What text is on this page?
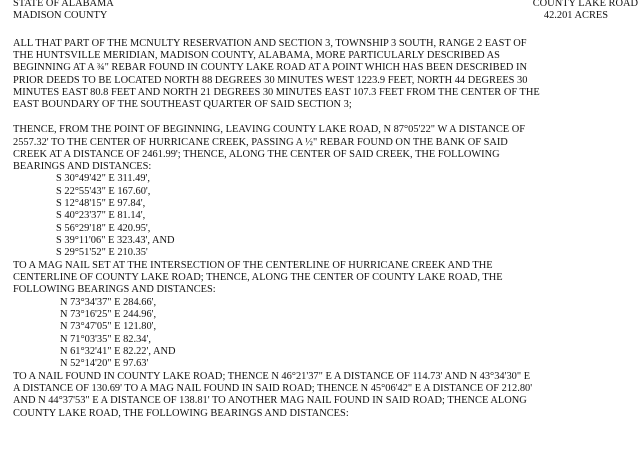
STATE OF ALABAMA
MADISON COUNTY
COUNTY LAKE ROAD
42.201 ACRES
ALL THAT PART OF THE MCNULTY RESERVATION AND SECTION 3, TOWNSHIP 3 SOUTH, RANGE 2 EAST OF
THE HUNTSVILLE MERIDIAN, MADISON COUNTY, ALABAMA, MORE PARTICULARLY DESCRIBED AS
BEGINNING AT A ¾" REBAR FOUND IN COUNTY LAKE ROAD AT A POINT WHICH HAS BEEN DESCRIBED IN
PRIOR DEEDS TO BE LOCATED NORTH 88 DEGREES 30 MINUTES WEST 1223.9 FEET, NORTH 44 DEGREES 30
MINUTES EAST 80.8 FEET AND NORTH 21 DEGREES 30 MINUTES EAST 107.3 FEET FROM THE CENTER OF THE
EAST BOUNDARY OF THE SOUTHEAST QUARTER OF SAID SECTION 3;
THENCE, FROM THE POINT OF BEGINNING, LEAVING COUNTY LAKE ROAD, N 87°05'22" W A DISTANCE OF
2557.32' TO THE CENTER OF HURRICANE CREEK, PASSING A ½" REBAR FOUND ON THE BANK OF SAID
CREEK AT A DISTANCE OF 2461.99'; THENCE, ALONG THE CENTER OF SAID CREEK, THE FOLLOWING
BEARINGS AND DISTANCES:
S 30°49'42" E 311.49',
S 22°55'43" E 167.60',
S 12°48'15" E 97.84',
S 40°23'37" E 81.14',
S 56°29'18" E 420.95',
S 39°11'06" E 323.43', AND
S 29°51'52" E 210.35'
TO A MAG NAIL SET AT THE INTERSECTION OF THE CENTERLINE OF HURRICANE CREEK AND THE
CENTERLINE OF COUNTY LAKE ROAD; THENCE, ALONG THE CENTER OF COUNTY LAKE ROAD, THE
FOLLOWING BEARINGS AND DISTANCES:
N 73°34'37" E 284.66',
N 73°16'25" E 244.96',
N 73°47'05" E 121.80',
N 71°03'35" E 82.34',
N 61°32'41" E 82.22', AND
N 52°14'20" E 97.63'
TO A NAIL FOUND IN COUNTY LAKE ROAD; THENCE N 46°21'37" E A DISTANCE OF 114.73' AND N 43°34'30" E
A DISTANCE OF 130.69' TO A MAG NAIL FOUND IN SAID ROAD; THENCE N 45°06'42" E A DISTANCE OF 212.80'
AND N 44°37'53" E A DISTANCE OF 138.81' TO ANOTHER MAG NAIL FOUND IN SAID ROAD; THENCE ALONG
COUNTY LAKE ROAD, THE FOLLOWING BEARINGS AND DISTANCES:
